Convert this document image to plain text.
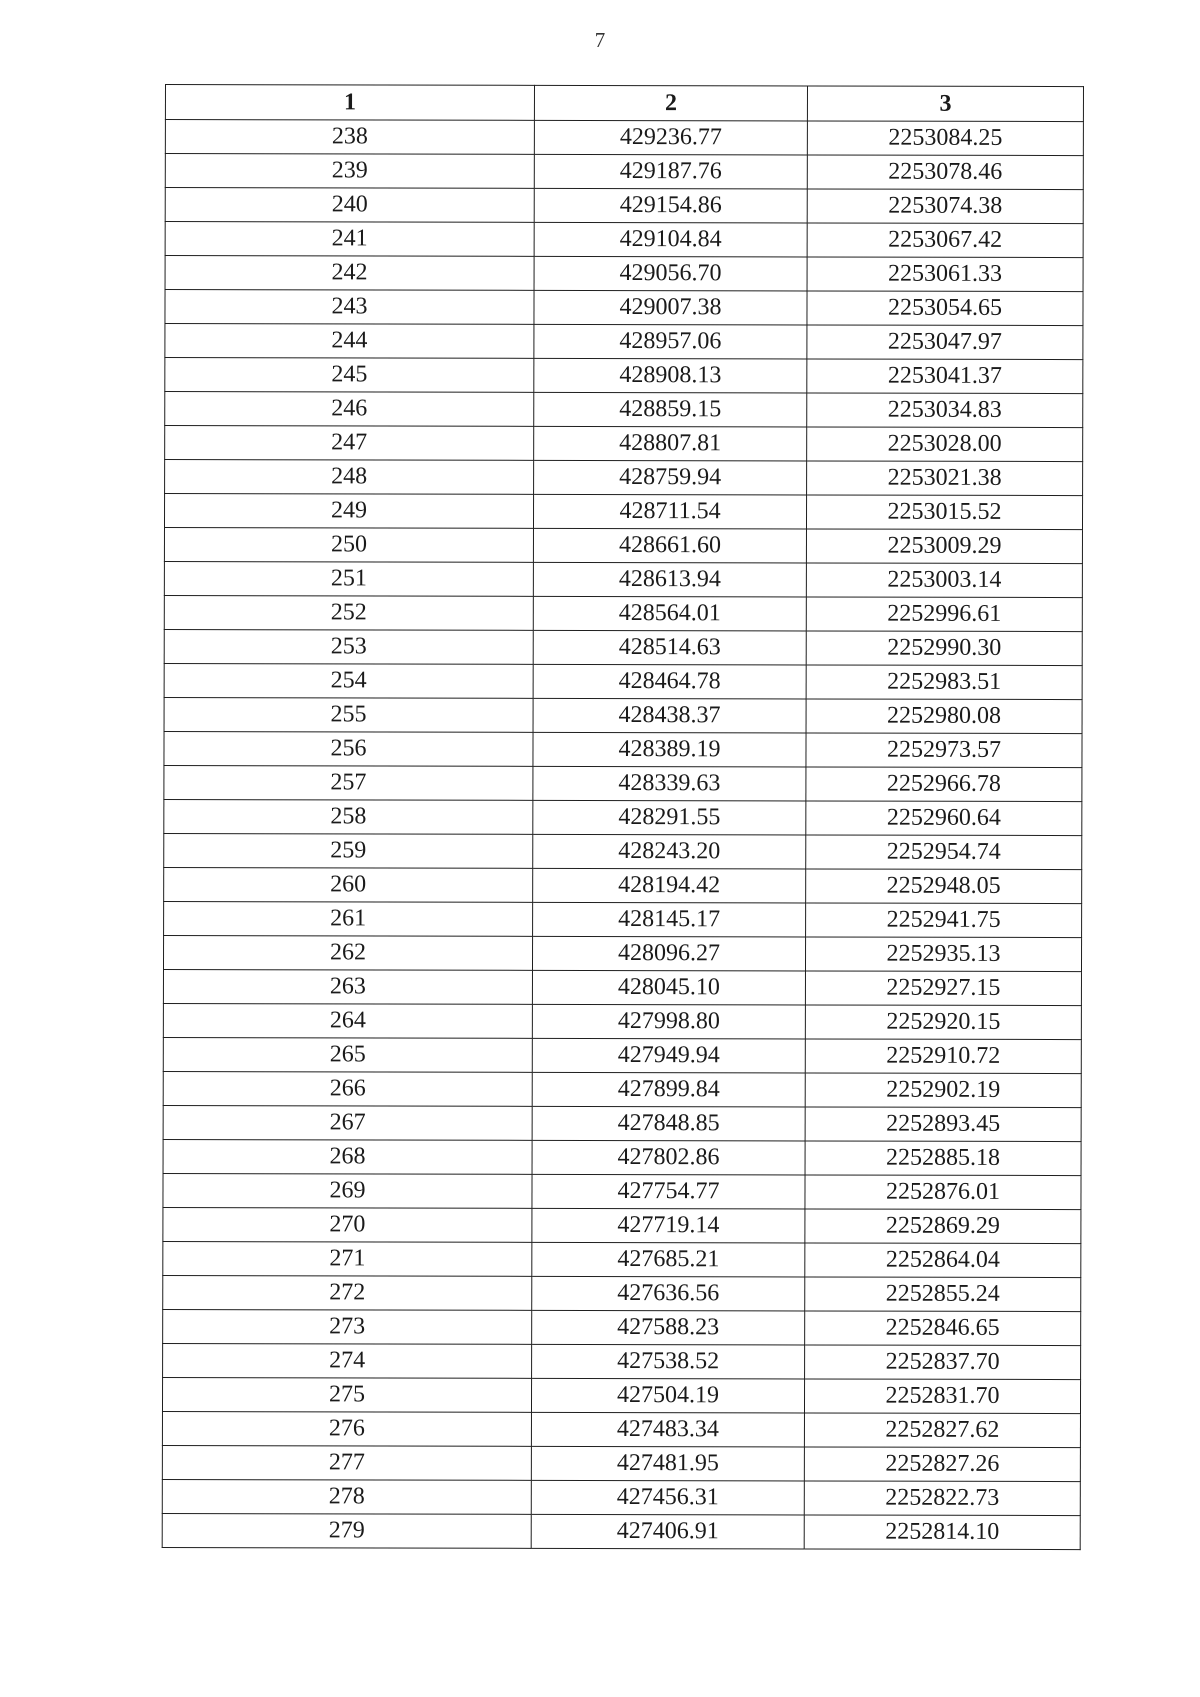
7
1	2	3
238	429236.77	2253084.25
239	429187.76	2253078.46
240	429154.86	2253074.38
241	429104.84	2253067.42
242	429056.70	2253061.33
243	429007.38	2253054.65
244	428957.06	2253047.97
245	428908.13	2253041.37
246	428859.15	2253034.83
247	428807.81	2253028.00
248	428759.94	2253021.38
249	428711.54	2253015.52
250	428661.60	2253009.29
251	428613.94	2253003.14
252	428564.01	2252996.61
253	428514.63	2252990.30
254	428464.78	2252983.51
255	428438.37	2252980.08
256	428389.19	2252973.57
257	428339.63	2252966.78
258	428291.55	2252960.64
259	428243.20	2252954.74
260	428194.42	2252948.05
261	428145.17	2252941.75
262	428096.27	2252935.13
263	428045.10	2252927.15
264	427998.80	2252920.15
265	427949.94	2252910.72
266	427899.84	2252902.19
267	427848.85	2252893.45
268	427802.86	2252885.18
269	427754.77	2252876.01
270	427719.14	2252869.29
271	427685.21	2252864.04
272	427636.56	2252855.24
273	427588.23	2252846.65
274	427538.52	2252837.70
275	427504.19	2252831.70
276	427483.34	2252827.62
277	427481.95	2252827.26
278	427456.31	2252822.73
279	427406.91	2252814.10
